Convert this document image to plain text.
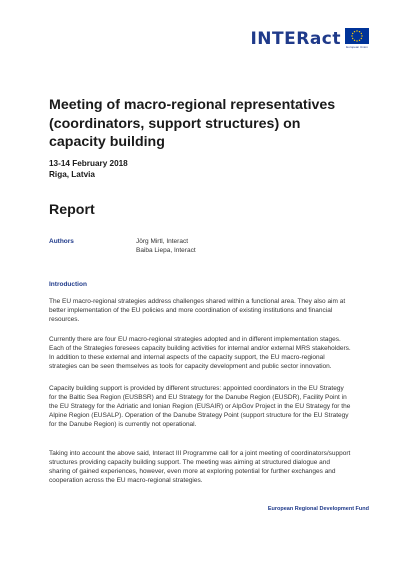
INTERact European Union
Meeting of macro-regional representatives (coordinators, support structures) on capacity building
13-14 February 2018
Riga, Latvia
Report
Authors	Jörg Mirtl, Interact
Baiba Liepa, Interact
Introduction

The EU macro-regional strategies address challenges shared within a functional area. They also aim at better implementation of the EU policies and more coordination of existing institutions and financial resources.

Currently there are four EU macro-regional strategies adopted and in different implementation stages. Each of the Strategies foresees capacity building activities for internal and/or external MRS stakeholders. In addition to these external and internal aspects of the capacity support, the EU macro-regional strategies can be seen themselves as tools for capacity development and public sector innovation.

Capacity building support is provided by different structures: appointed coordinators in the EU Strategy for the Baltic Sea Region (EUSBSR) and EU Strategy for the Danube Region (EUSDR), Facility Point in the EU Strategy for the Adriatic and Ionian Region (EUSAIR) or AlpGov Project in the EU Strategy for the Alpine Region (EUSALP). Operation of the Danube Strategy Point (support structure for the EU Strategy for the Danube Region) is currently not operational.

Taking into account the above said, Interact III Programme call for a joint meeting of coordinators/support structures providing capacity building support. The meeting was aiming at structured dialogue and sharing of gained experiences, however, even more at exploring potential for further exchanges and cooperation across the EU macro-regional strategies.

European Regional Development Fund
